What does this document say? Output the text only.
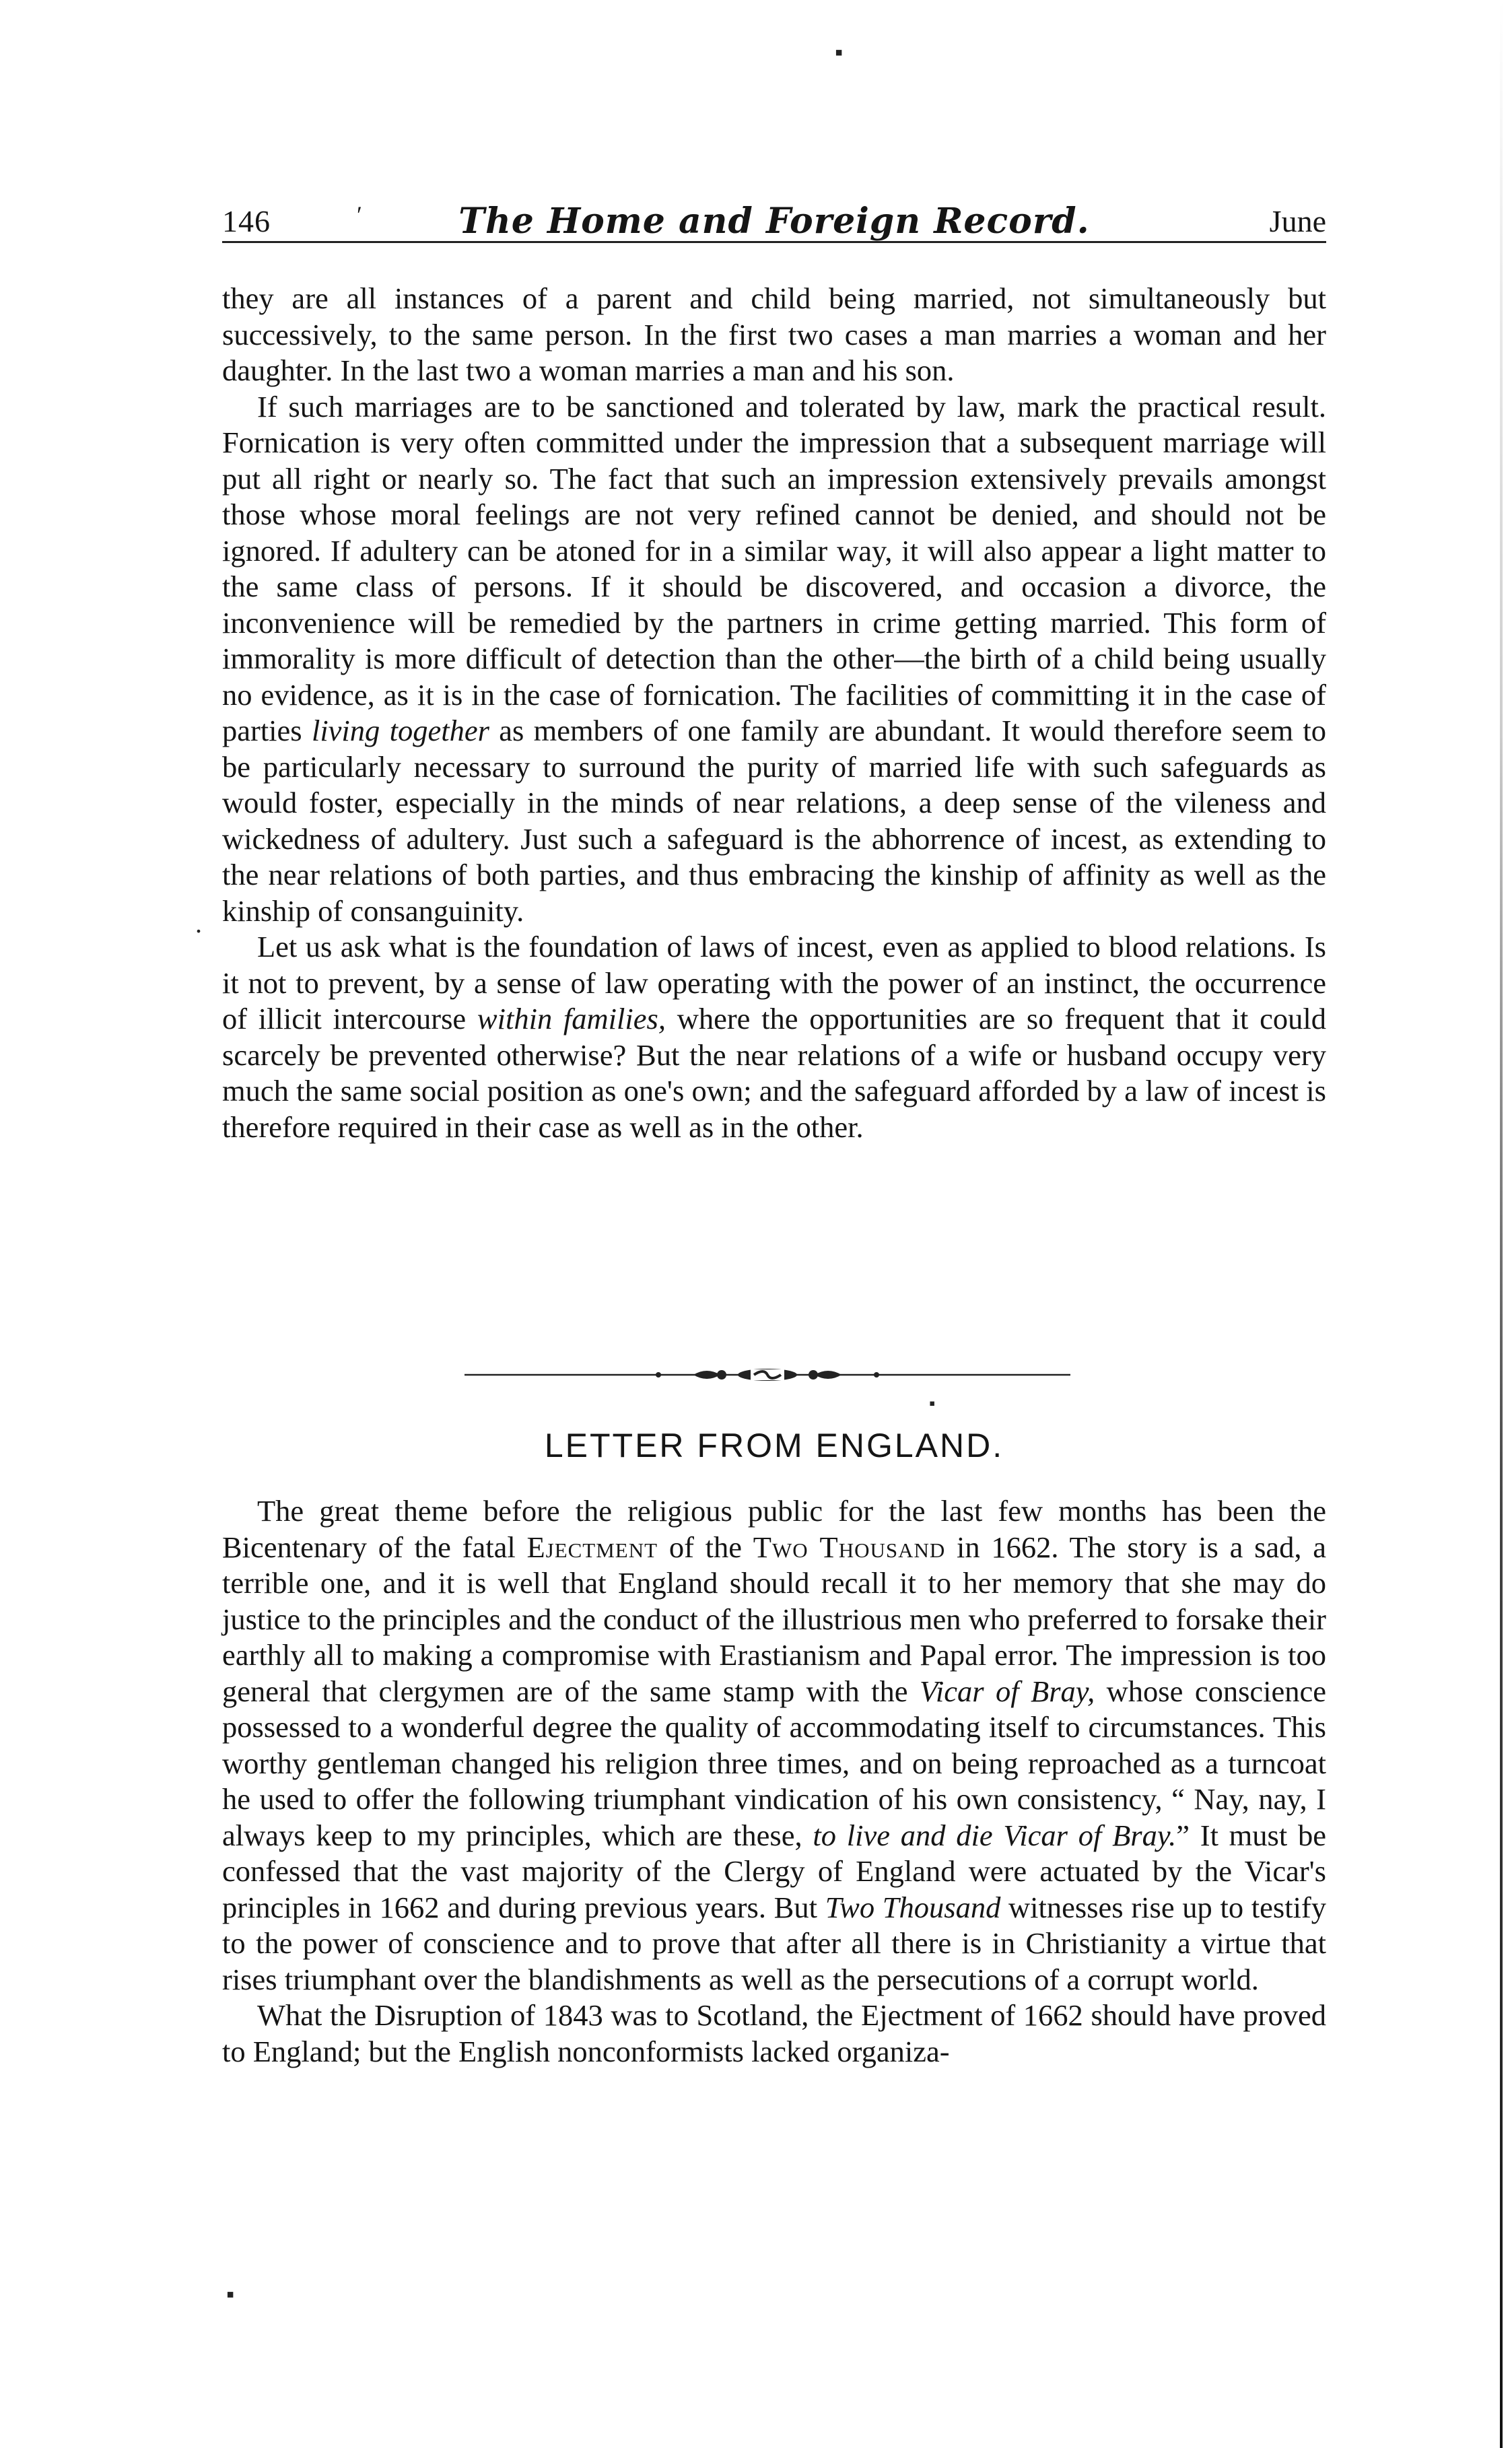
▪
146	′	The Home and Foreign Record.	June

they are all instances of a parent and child being married, not simultaneously but successively, to the same person. In the first two cases a man marries a woman and her daughter. In the last two a woman marries a man and his son.

If such marriages are to be sanctioned and tolerated by law, mark the practical result. Fornication is very often committed under the impression that a subsequent marriage will put all right or nearly so. The fact that such an impression extensively prevails amongst those whose moral feelings are not very refined cannot be denied, and should not be ignored. If adultery can be atoned for in a similar way, it will also appear a light matter to the same class of persons. If it should be discovered, and occasion a divorce, the inconvenience will be remedied by the partners in crime getting married. This form of immorality is more difficult of detection than the other—the birth of a child being usually no evidence, as it is in the case of fornication. The facilities of committing it in the case of parties living together as members of one family are abundant. It would therefore seem to be particularly necessary to surround the purity of married life with such safeguards as would foster, especially in the minds of near relations, a deep sense of the vileness and wickedness of adultery. Just such a safeguard is the abhorrence of incest, as extending to the near relations of both parties, and thus embracing the kinship of affinity as well as the kinship of consanguinity.

Let us ask what is the foundation of laws of incest, even as applied to blood relations. Is it not to prevent, by a sense of law operating with the power of an instinct, the occurrence of illicit intercourse within families, where the opportunities are so frequent that it could scarcely be prevented otherwise? But the near relations of a wife or husband occupy very much the same social position as one's own; and the safeguard afforded by a law of incest is therefore required in their case as well as in the other.

▪
LETTER FROM ENGLAND.

The great theme before the religious public for the last few months has been the Bicentenary of the fatal Ejectment of the Two Thousand in 1662. The story is a sad, a terrible one, and it is well that England should recall it to her memory that she may do justice to the principles and the conduct of the illustrious men who preferred to forsake their earthly all to making a compromise with Erastianism and Papal error. The impression is too general that clergymen are of the same stamp with the Vicar of Bray, whose conscience possessed to a wonderful degree the quality of accommodating itself to circumstances. This worthy gentleman changed his religion three times, and on being reproached as a turncoat he used to offer the following triumphant vindication of his own consistency, “ Nay, nay, I always keep to my principles, which are these, to live and die Vicar of Bray.” It must be confessed that the vast majority of the Clergy of England were actuated by the Vicar's principles in 1662 and during previous years. But Two Thousand witnesses rise up to testify to the power of conscience and to prove that after all there is in Christianity a virtue that rises triumphant over the blandishments as well as the persecutions of a corrupt world.

What the Disruption of 1843 was to Scotland, the Ejectment of 1662 should have proved to England; but the English nonconformists lacked organiza-

▪
.
